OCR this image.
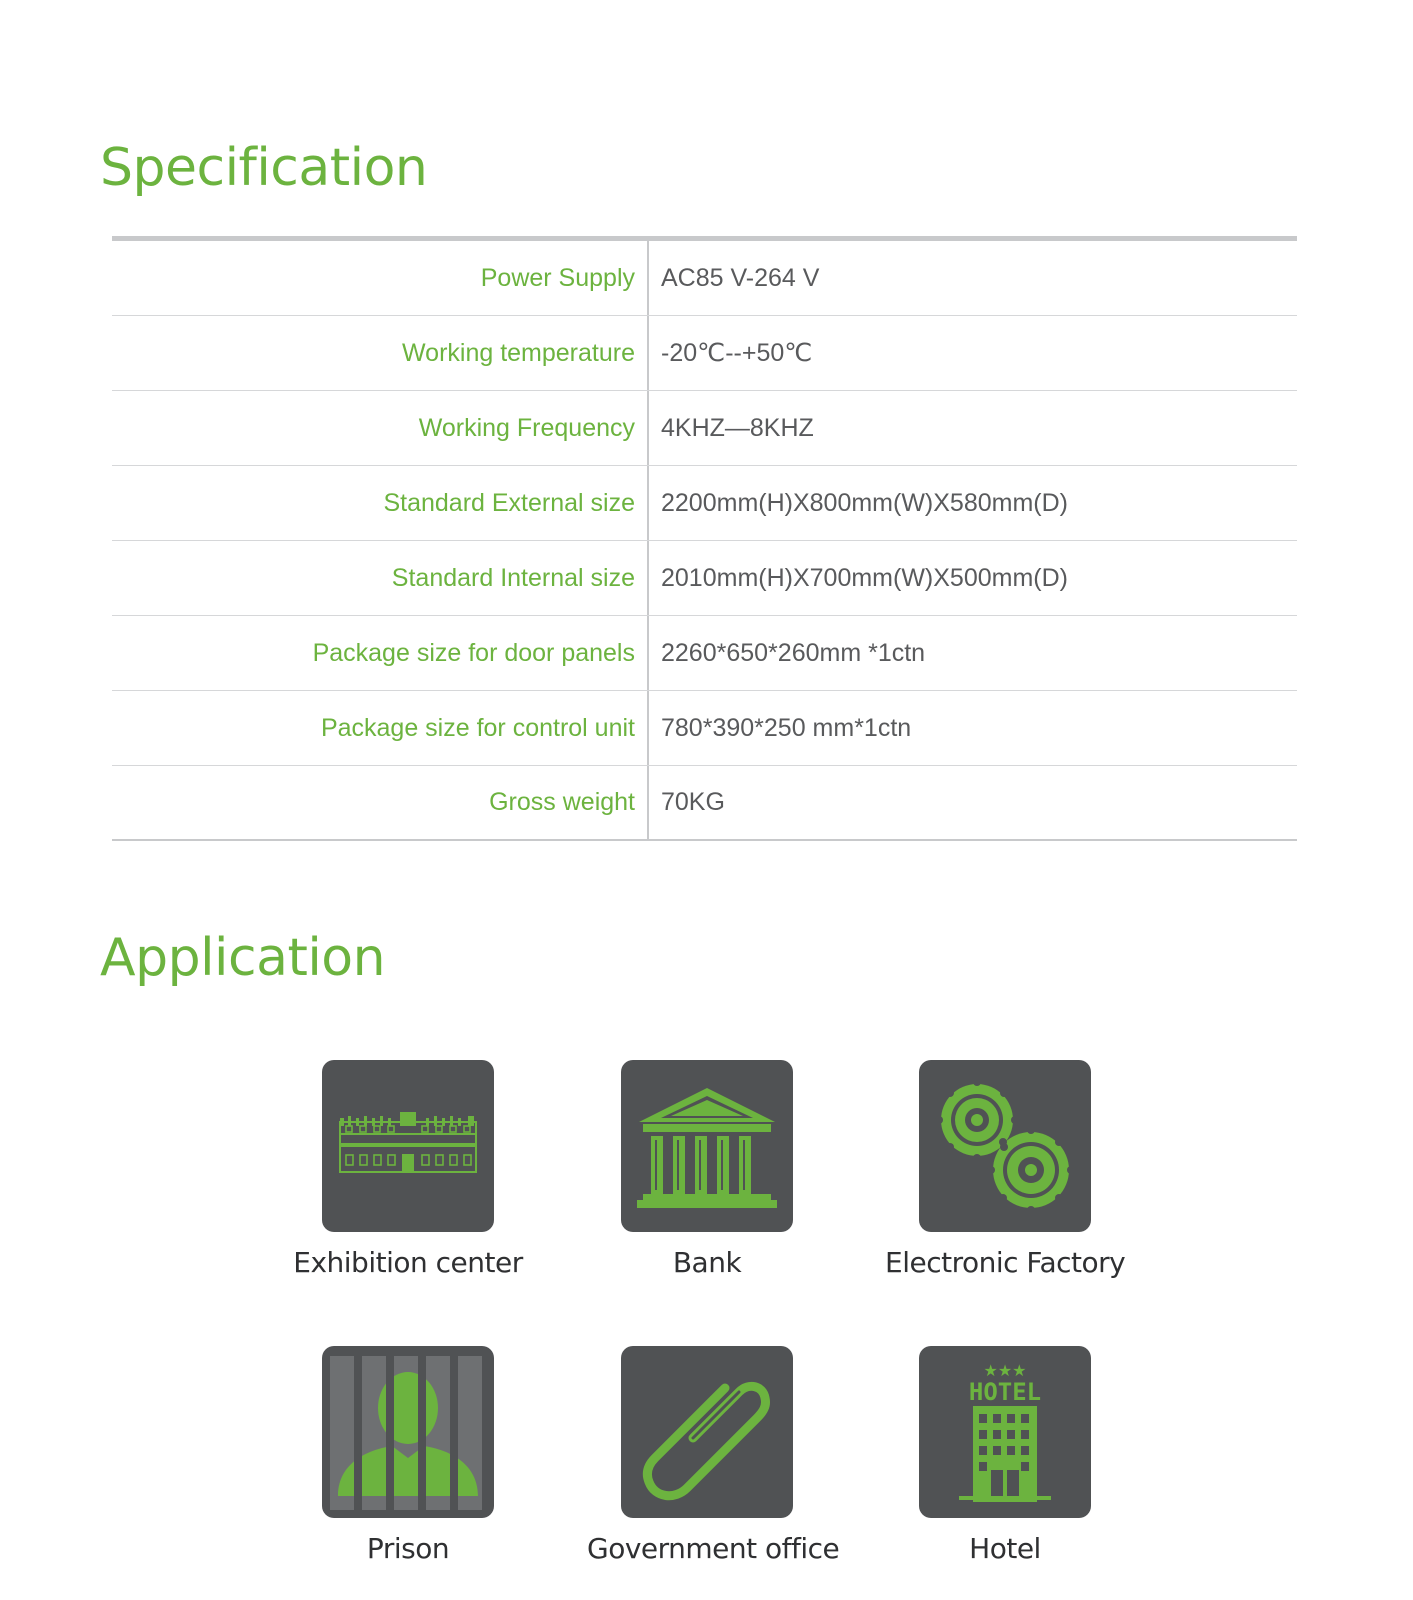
Specification
Power Supply	AC85 V-264 V
Working temperature	-20℃--+50℃
Working Frequency	4KHZ—8KHZ
Standard External size	2200mm(H)X800mm(W)X580mm(D)
Standard Internal size	2010mm(H)X700mm(W)X500mm(D)
Package size for door panels	2260*650*260mm *1ctn
Package size for control unit	780*390*250 mm*1ctn
Gross weight	70KG
Application
Exhibition center	Bank	Electronic Factory
Prison	Government office
★★★
HOTEL
Hotel
